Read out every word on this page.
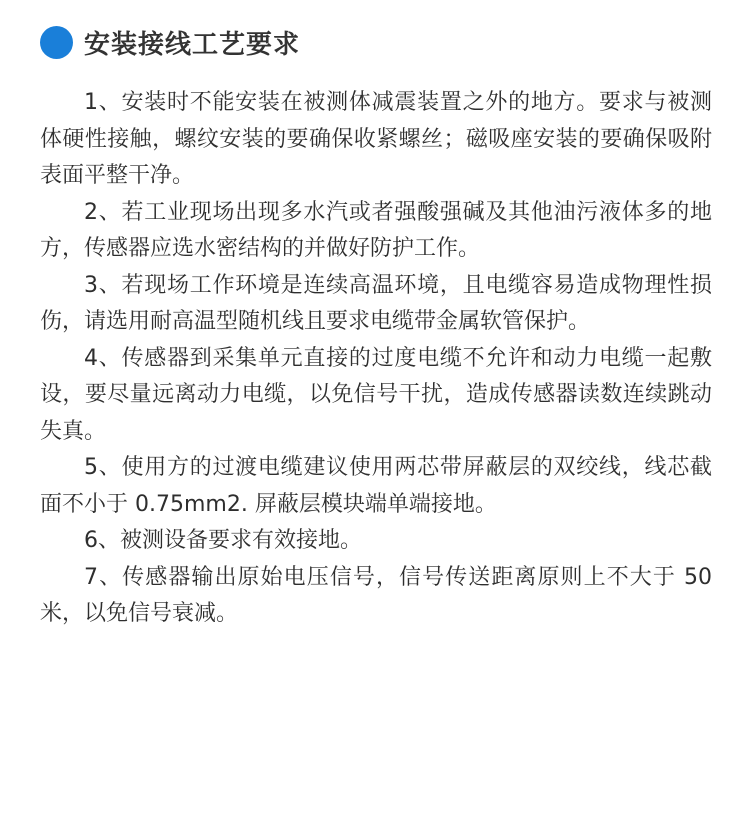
安装接线工艺要求

1、安装时不能安装在被测体减震装置之外的地方。要求与被测体硬性接触，螺纹安装的要确保收紧螺丝；磁吸座安装的要确保吸附表面平整干净。

2、若工业现场出现多水汽或者强酸强碱及其他油污液体多的地方，传感器应选水密结构的并做好防护工作。

3、若现场工作环境是连续高温环境，且电缆容易造成物理性损伤，请选用耐高温型随机线且要求电缆带金属软管保护。

4、传感器到采集单元直接的过度电缆不允许和动力电缆一起敷设，要尽量远离动力电缆，以免信号干扰，造成传感器读数连续跳动失真。

5、使用方的过渡电缆建议使用两芯带屏蔽层的双绞线，线芯截面不小于 0.75mm2. 屏蔽层模块端单端接地。

6、被测设备要求有效接地。

7、传感器输出原始电压信号，信号传送距离原则上不大于 50 米，以免信号衰减。
